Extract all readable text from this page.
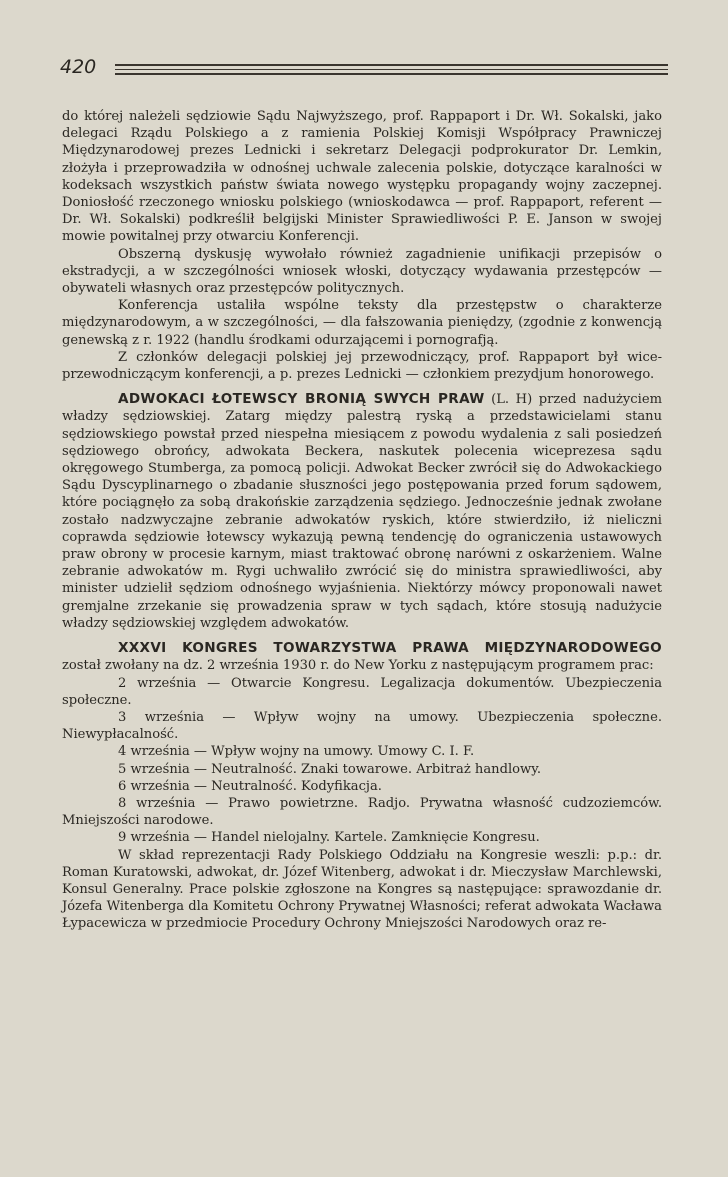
420

do której należeli sędziowie Sądu Najwyższego, prof. Rappaport i Dr. Wł. Sokalski, jako delegaci Rządu Polskiego a z ramienia Polskiej Komisji Współpracy Prawniczej Międzynarodowej prezes Lednicki i sekretarz Delegacji podprokurator Dr. Lemkin, złożyła i przeprowadziła w odnośnej uchwale zalecenia polskie, dotyczące karalności w kodeksach wszystkich państw świata nowego występku propagandy wojny zaczepnej. Doniosłość rzeczonego wniosku polskiego (wnioskodawca — prof. Rappaport, referent — Dr. Wł. Sokalski) podkreślił belgijski Minister Sprawiedliwości P. E. Janson w swojej mowie powitalnej przy otwarciu Konferencji.

Obszerną dyskusję wywołało również zagadnienie unifikacji przepisów o ekstradycji, a w szczególności wniosek włoski, dotyczący wydawania przestępców — obywateli własnych oraz przestępców politycznych.

Konferencja ustaliła wspólne teksty dla przestępstw o charakterze międzynarodowym, a w szczególności, — dla fałszowania pieniędzy, (zgodnie z konwencją genewską z r. 1922 (handlu środkami odurzającemi i pornografją.

Z członków delegacji polskiej jej przewodniczący, prof. Rappaport był wice-przewodniczącym konferencji, a p. prezes Lednicki — członkiem prezydjum honorowego.

ADWOKACI ŁOTEWSCY BRONIĄ SWYCH PRAW (L. H) przed nadużyciem władzy sędziowskiej. Zatarg między palestrą ryską a przedstawicielami stanu sędziowskiego powstał przed niespełna miesiącem z powodu wydalenia z sali posiedzeń sędziowego obrońcy, adwokata Beckera, naskutek polecenia wiceprezesa sądu okręgowego Stumberga, za pomocą policji. Adwokat Becker zwrócił się do Adwokackiego Sądu Dyscyplinarnego o zbadanie słuszności jego postępowania przed forum sądowem, które pociągnęło za sobą drakońskie zarządzenia sędziego. Jednocześnie jednak zwołane zostało nadzwyczajne zebranie adwokatów ryskich, które stwierdziło, iż nieliczni coprawda sędziowie łotewscy wykazują pewną tendencję do ograniczenia ustawowych praw obrony w procesie karnym, miast traktować obronę narówni z oskarżeniem. Walne zebranie adwokatów m. Rygi uchwaliło zwrócić się do ministra sprawiedliwości, aby minister udzielił sędziom odnośnego wyjaśnienia. Niektórzy mówcy proponowali nawet gremjalne zrzekanie się prowadzenia spraw w tych sądach, które stosują nadużycie władzy sędziowskiej względem adwokatów.

XXXVI KONGRES TOWARZYSTWA PRAWA MIĘDZYNARODOWEGO został zwołany na dz. 2 września 1930 r. do New Yorku z następującym programem prac:

2 września — Otwarcie Kongresu. Legalizacja dokumentów. Ubezpieczenia społeczne.

3 września — Wpływ wojny na umowy. Ubezpieczenia społeczne. Niewypłacalność.

4 września — Wpływ wojny na umowy. Umowy C. I. F.

5 września — Neutralność. Znaki towarowe. Arbitraż handlowy.

6 września — Neutralność. Kodyfikacja.

8 września — Prawo powietrzne. Radjo. Prywatna własność cudzoziemców. Mniejszości narodowe.

9 września — Handel nielojalny. Kartele. Zamknięcie Kongresu.

W skład reprezentacji Rady Polskiego Oddziału na Kongresie weszli: p.p.: dr. Roman Kuratowski, adwokat, dr. Józef Witenberg, adwokat i dr. Mieczysław Marchlewski, Konsul Generalny. Prace polskie zgłoszone na Kongres są następujące: sprawozdanie dr. Józefa Witenberga dla Komitetu Ochrony Prywatnej Własności; referat adwokata Wacława Łypacewicza w przedmiocie Procedury Ochrony Mniejszości Narodowych oraz re-
